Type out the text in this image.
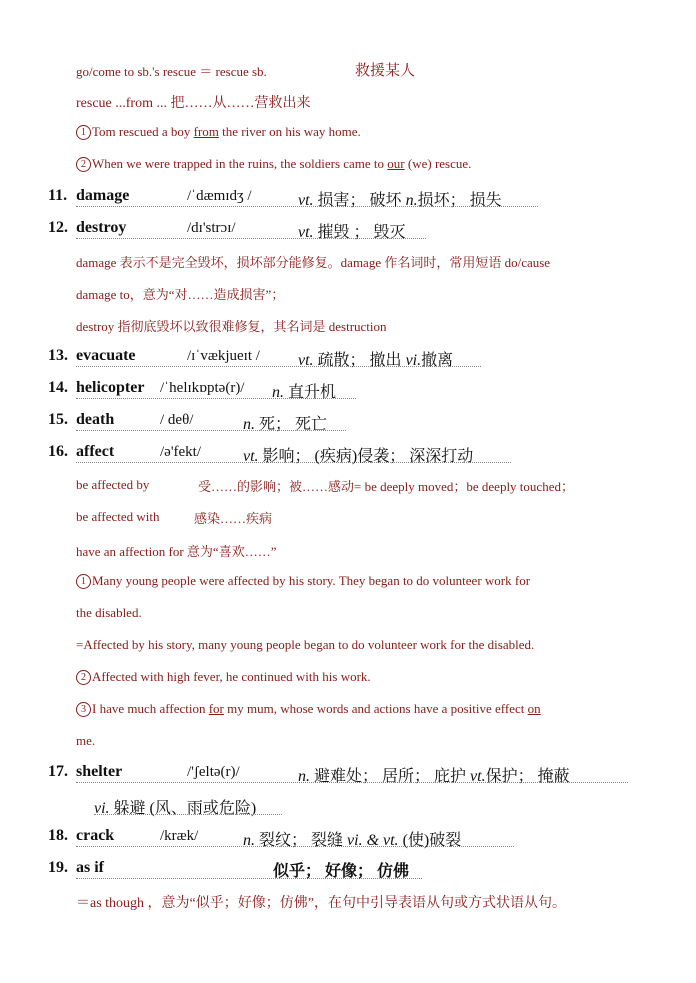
go/come to sb.'s rescue ＝ rescue sb.	救援某人
rescue ...from ... 把……从……营救出来
1 Tom rescued a boy from the river on his way home.
2 When we were trapped in the ruins, the soldiers came to our (we) rescue.
11. damage	/ˈdæmɪdʒ /	vt. 损害； 破坏 n.损坏； 损失
12. destroy	/dɪ'strɔɪ/	vt. 摧毁 ； 毁灭
damage 表示不是完全毁坏，损坏部分能修复。damage 作名词时，常用短语 do/cause
damage to，意为“对……造成损害”；
destroy 指彻底毁坏以致很难修复，其名词是 destruction
13. evacuate	/ɪˈvækjueɪt / vt. 疏散； 撤出 vi.撤离
14. helicopter /ˈhelɪkɒptə(r)/ n. 直升机
15. death	/ deθ/	n. 死； 死亡
16. affect	/ə'fekt/	vt. 影响； (疾病)侵袭； 深深打动
be affected by	受……的影响；被……感动= be deeply moved；be deeply touched；
be affected with	感染……疾病
have an affection for 意为“喜欢……”
1 Many young people were affected by his story. They began to do volunteer work for
the disabled.
=Affected by his story, many young people began to do volunteer work for the disabled.
2 Affected with high fever, he continued with his work.
3 I have much affection for my mum, whose words and actions have a positive effect on
me.
17. shelter	/'ʃeltə(r)/	n. 避难处； 居所； 庇护 vt.保护； 掩蔽
vi. 躲避 (风、雨或危险)
18. crack	/kræk/	n. 裂纹； 裂缝 vi. & vt. (使)破裂
19. as if	似乎； 好像； 仿佛
＝as though ，意为“似乎；好像；仿佛”，在句中引导表语从句或方式状语从句。
